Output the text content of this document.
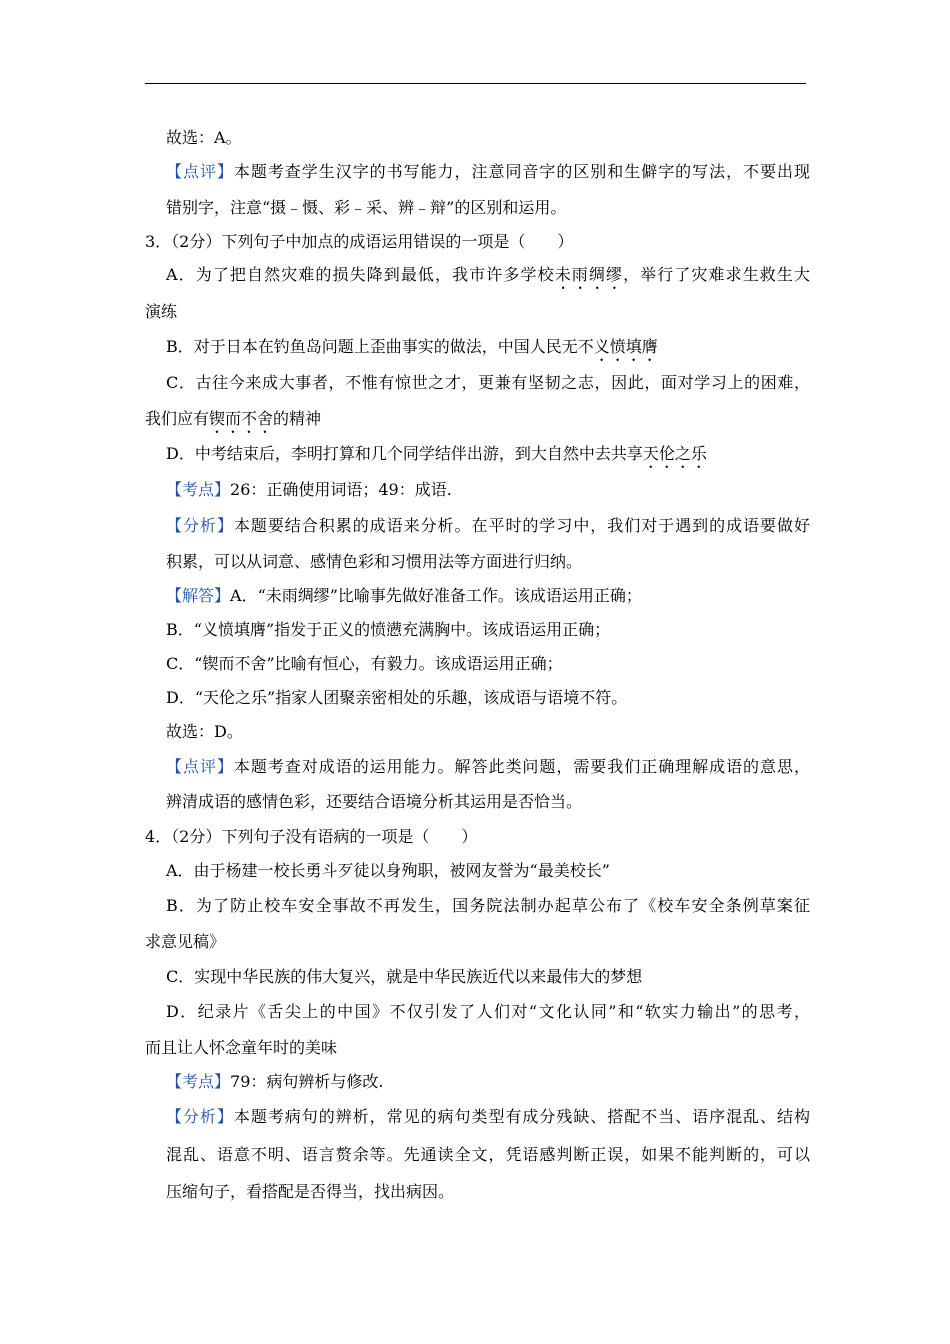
故选：A。
【点评】本题考查学生汉字的书写能力，注意同音字的区别和生僻字的写法，不要出现
错别字，注意“摄﹣慑、彩﹣采、辨﹣辩”的区别和运用。
3．（2分）下列句子中加点的成语运用错误的一项是（　　）
A．为了把自然灾难的损失降到最低，我市许多学校未雨绸缪，举行了灾难求生救生大
演练
B．对于日本在钓鱼岛问题上歪曲事实的做法，中国人民无不义愤填膺
C．古往今来成大事者，不惟有惊世之才，更兼有坚韧之志，因此，面对学习上的困难，
我们应有锲而不舍的精神
D．中考结束后，李明打算和几个同学结伴出游，到大自然中去共享天伦之乐
【考点】26：正确使用词语；49：成语.
【分析】本题要结合积累的成语来分析。在平时的学习中，我们对于遇到的成语要做好
积累，可以从词意、感情色彩和习惯用法等方面进行归纳。
【解答】A．“未雨绸缪”比喻事先做好准备工作。该成语运用正确；
B．“义愤填膺”指发于正义的愤懑充满胸中。该成语运用正确；
C．“锲而不舍”比喻有恒心，有毅力。该成语运用正确；
D．“天伦之乐”指家人团聚亲密相处的乐趣，该成语与语境不符。
故选：D。
【点评】本题考查对成语的运用能力。解答此类问题，需要我们正确理解成语的意思，
辨清成语的感情色彩，还要结合语境分析其运用是否恰当。
4．（2分）下列句子没有语病的一项是（　　）
A．由于杨建一校长勇斗歹徒以身殉职，被网友誉为“最美校长”
B．为了防止校车安全事故不再发生，国务院法制办起草公布了《校车安全条例草案征
求意见稿》
C．实现中华民族的伟大复兴，就是中华民族近代以来最伟大的梦想
D．纪录片《舌尖上的中国》不仅引发了人们对“文化认同”和“软实力输出”的思考，
而且让人怀念童年时的美味
【考点】79：病句辨析与修改.
【分析】本题考病句的辨析，常见的病句类型有成分残缺、搭配不当、语序混乱、结构
混乱、语意不明、语言赘余等。先通读全文，凭语感判断正误，如果不能判断的，可以
压缩句子，看搭配是否得当，找出病因。
